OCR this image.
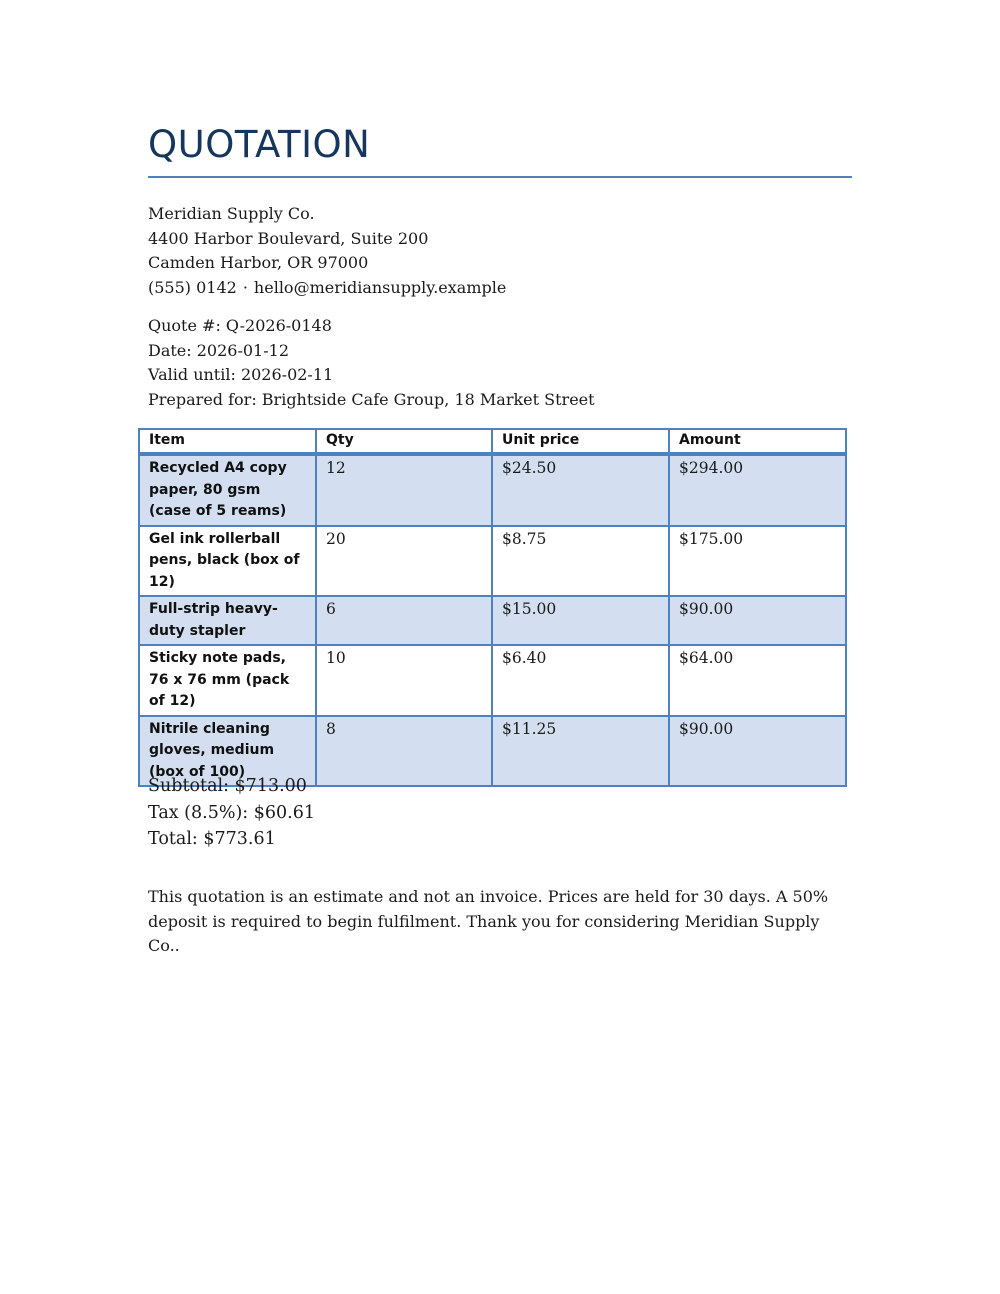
QUOTATION
Meridian Supply Co.
4400 Harbor Boulevard, Suite 200
Camden Harbor, OR 97000
(555) 0142 · hello@meridiansupply.example
Quote #: Q-2026-0148
Date: 2026-01-12
Valid until: 2026-02-11
Prepared for: Brightside Cafe Group, 18 Market Street
Item	Qty	Unit price	Amount
Recycled A4 copy paper, 80 gsm (case of 5 reams)	12	$24.50	$294.00
Gel ink rollerball pens, black (box of 12)	20	$8.75	$175.00
Full-strip heavy-duty stapler	6	$15.00	$90.00
Sticky note pads, 76 x 76 mm (pack of 12)	10	$6.40	$64.00
Nitrile cleaning gloves, medium (box of 100)	8	$11.25	$90.00
Subtotal: $713.00
Tax (8.5%): $60.61
Total: $773.61

This quotation is an estimate and not an invoice. Prices are held for 30 days. A 50% deposit is required to begin fulfilment. Thank you for considering Meridian Supply Co..
